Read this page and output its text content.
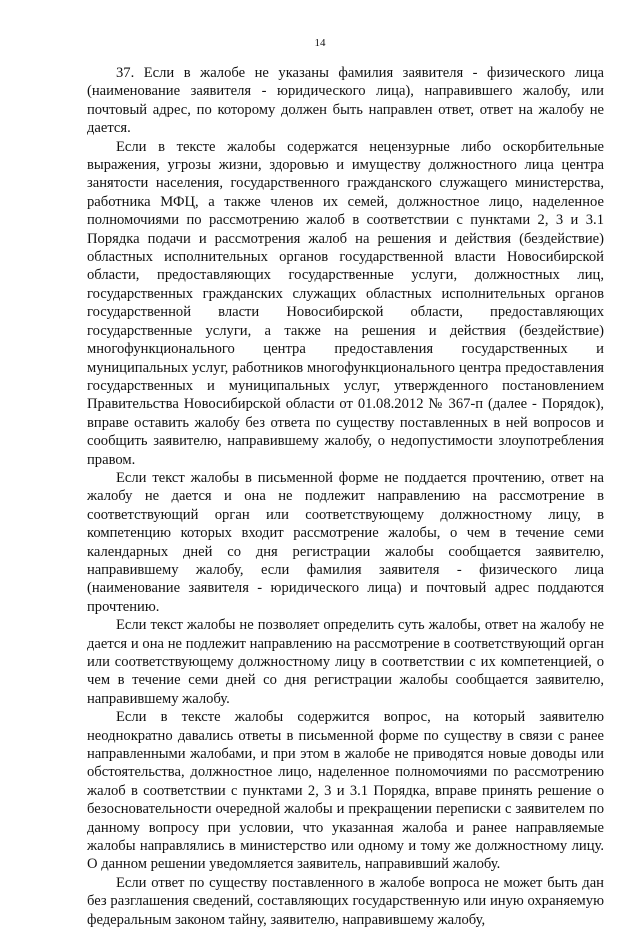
14

37. Если в жалобе не указаны фамилия заявителя - физического лица (наименование заявителя - юридического лица), направившего жалобу, или почтовый адрес, по которому должен быть направлен ответ, ответ на жалобу не дается.

Если в тексте жалобы содержатся нецензурные либо оскорбительные выражения, угрозы жизни, здоровью и имуществу должностного лица центра занятости населения, государственного гражданского служащего министерства, работника МФЦ, а также членов их семей, должностное лицо, наделенное полномочиями по рассмотрению жалоб в соответствии с пунктами 2, 3 и 3.1 Порядка подачи и рассмотрения жалоб на решения и действия (бездействие) областных исполнительных органов государственной власти Новосибирской области, предоставляющих государственные услуги, должностных лиц, государственных гражданских служащих областных исполнительных органов государственной власти Новосибирской области, предоставляющих государственные услуги, а также на решения и действия (бездействие) многофункционального центра предоставления государственных и муниципальных услуг, работников многофункционального центра предоставления государственных и муниципальных услуг, утвержденного постановлением Правительства Новосибирской области от 01.08.2012 № 367-п (далее - Порядок), вправе оставить жалобу без ответа по существу поставленных в ней вопросов и сообщить заявителю, направившему жалобу, о недопустимости злоупотребления правом.

Если текст жалобы в письменной форме не поддается прочтению, ответ на жалобу не дается и она не подлежит направлению на рассмотрение в соответствующий орган или соответствующему должностному лицу, в компетенцию которых входит рассмотрение жалобы, о чем в течение семи календарных дней со дня регистрации жалобы сообщается заявителю, направившему жалобу, если фамилия заявителя - физического лица (наименование заявителя - юридического лица) и почтовый адрес поддаются прочтению.

Если текст жалобы не позволяет определить суть жалобы, ответ на жалобу не дается и она не подлежит направлению на рассмотрение в соответствующий орган или соответствующему должностному лицу в соответствии с их компетенцией, о чем в течение семи дней со дня регистрации жалобы сообщается заявителю, направившему жалобу.

Если в тексте жалобы содержится вопрос, на который заявителю неоднократно давались ответы в письменной форме по существу в связи с ранее направленными жалобами, и при этом в жалобе не приводятся новые доводы или обстоятельства, должностное лицо, наделенное полномочиями по рассмотрению жалоб в соответствии с пунктами 2, 3 и 3.1 Порядка, вправе принять решение о безосновательности очередной жалобы и прекращении переписки с заявителем по данному вопросу при условии, что указанная жалоба и ранее направляемые жалобы направлялись в министерство или одному и тому же должностному лицу. О данном решении уведомляется заявитель, направивший жалобу.

Если ответ по существу поставленного в жалобе вопроса не может быть дан без разглашения сведений, составляющих государственную или иную охраняемую федеральным законом тайну, заявителю, направившему жалобу,
